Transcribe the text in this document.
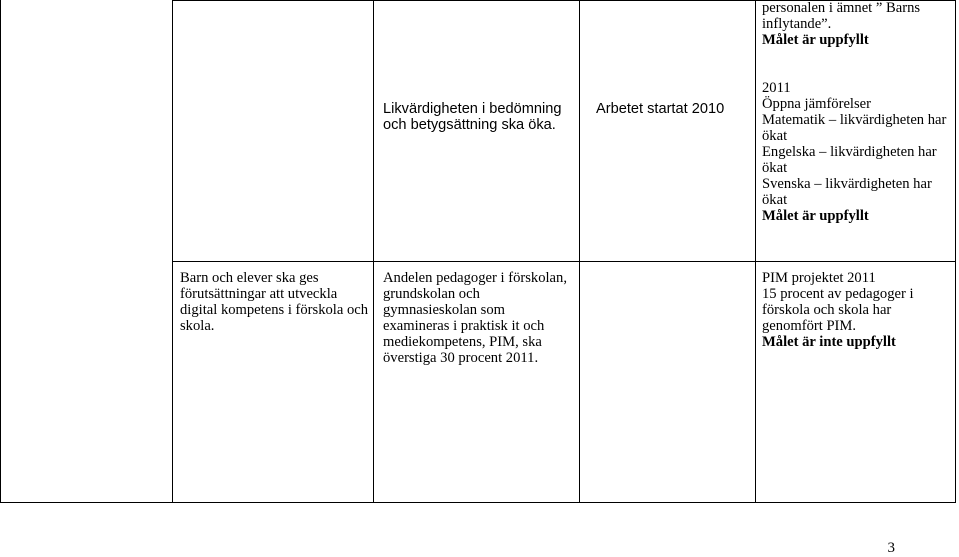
Likvärdigheten i bedömning och betygsättning ska öka.

Arbetet startat 2010

personalen i ämnet ” Barns

inflytande”.

Målet är uppfyllt

2011

Öppna jämförelser

Matematik – likvärdigheten har

ökat

Engelska – likvärdigheten har

ökat

Svenska – likvärdigheten har

ökat

Målet är uppfyllt

Barn och elever ska ges förutsättningar att utveckla digital kompetens i förskola och skola.

Andelen pedagoger i förskolan, grundskolan och gymnasieskolan som examineras i praktisk it och mediekompetens, PIM, ska överstiga 30 procent 2011.

PIM projektet 2011

15 procent av pedagoger i

förskola och skola har

genomfört PIM.

Målet är inte uppfyllt

3
